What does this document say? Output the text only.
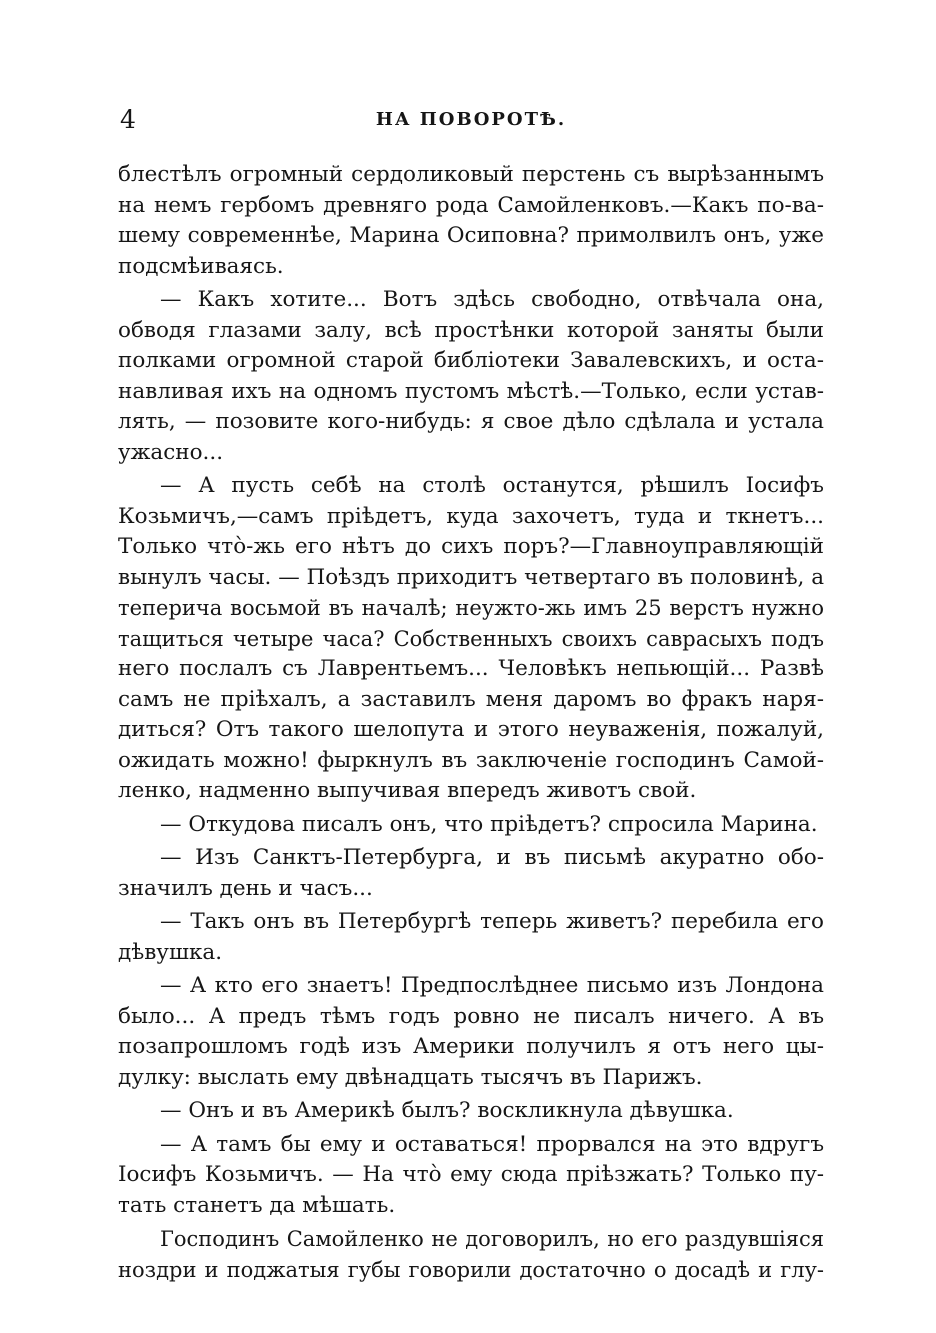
4	НА ПОВОРОТѢ.
блестѣлъ огромный сердоликовый перстень съ вырѣзаннымъ
на немъ гербомъ древняго рода Самойленковъ.—Какъ по-ва-
шему современнѣе, Марина Осиповна? примолвилъ онъ, уже
подсмѣиваясь.
— Какъ хотите... Вотъ здѣсь свободно, отвѣчала она,
обводя глазами залу, всѣ простѣнки которой заняты были
полками огромной старой библіотеки Завалевскихъ, и оста-
навливая ихъ на одномъ пустомъ мѣстѣ.—Только, если устав-
лять, — позовите кого-нибудь: я свое дѣло сдѣлала и устала
ужасно...
— А пусть себѣ на столѣ останутся, рѣшилъ Іосифъ
Козьмичъ,—самъ пріѣдетъ, куда захочетъ, туда и ткнетъ...
Только чтò-жь его нѣтъ до сихъ поръ?—Главноуправляющій
вынулъ часы. — Поѣздъ приходитъ четвертаго въ половинѣ, а
теперича восьмой въ началѣ; неужто-жь имъ 25 верстъ нужно
тащиться четыре часа? Собственныхъ своихъ саврасыхъ подъ
него послалъ съ Лаврентьемъ... Человѣкъ непьющій... Развѣ
самъ не пріѣхалъ, а заставилъ меня даромъ во фракъ наря-
диться? Отъ такого шелопута и этого неуваженія, пожалуй,
ожидать можно! фыркнулъ въ заключеніе господинъ Самой-
ленко, надменно выпучивая впередъ животъ свой.
— Откудова писалъ онъ, что пріѣдетъ? спросила Марина.
— Изъ Санктъ-Петербурга, и въ письмѣ акуратно обо-
значилъ день и часъ...
— Такъ онъ въ Петербургѣ теперь живетъ? перебила его
дѣвушка.
— А кто его знаетъ! Предпослѣднее письмо изъ Лондона
было... А предъ тѣмъ годъ ровно не писалъ ничего. А въ
позапрошломъ годѣ изъ Америки получилъ я отъ него цы-
дулку: выслать ему двѣнадцать тысячъ въ Парижъ.
— Онъ и въ Америкѣ былъ? воскликнула дѣвушка.
— А тамъ бы ему и оставаться! прорвался на это вдругъ
Іосифъ Козьмичъ. — На чтò ему сюда пріѣзжать? Только пу-
тать станетъ да мѣшать.
Господинъ Самойленко не договорилъ, но его раздувшіяся
ноздри и поджатыя губы говорили достаточно о досадѣ и глу-
